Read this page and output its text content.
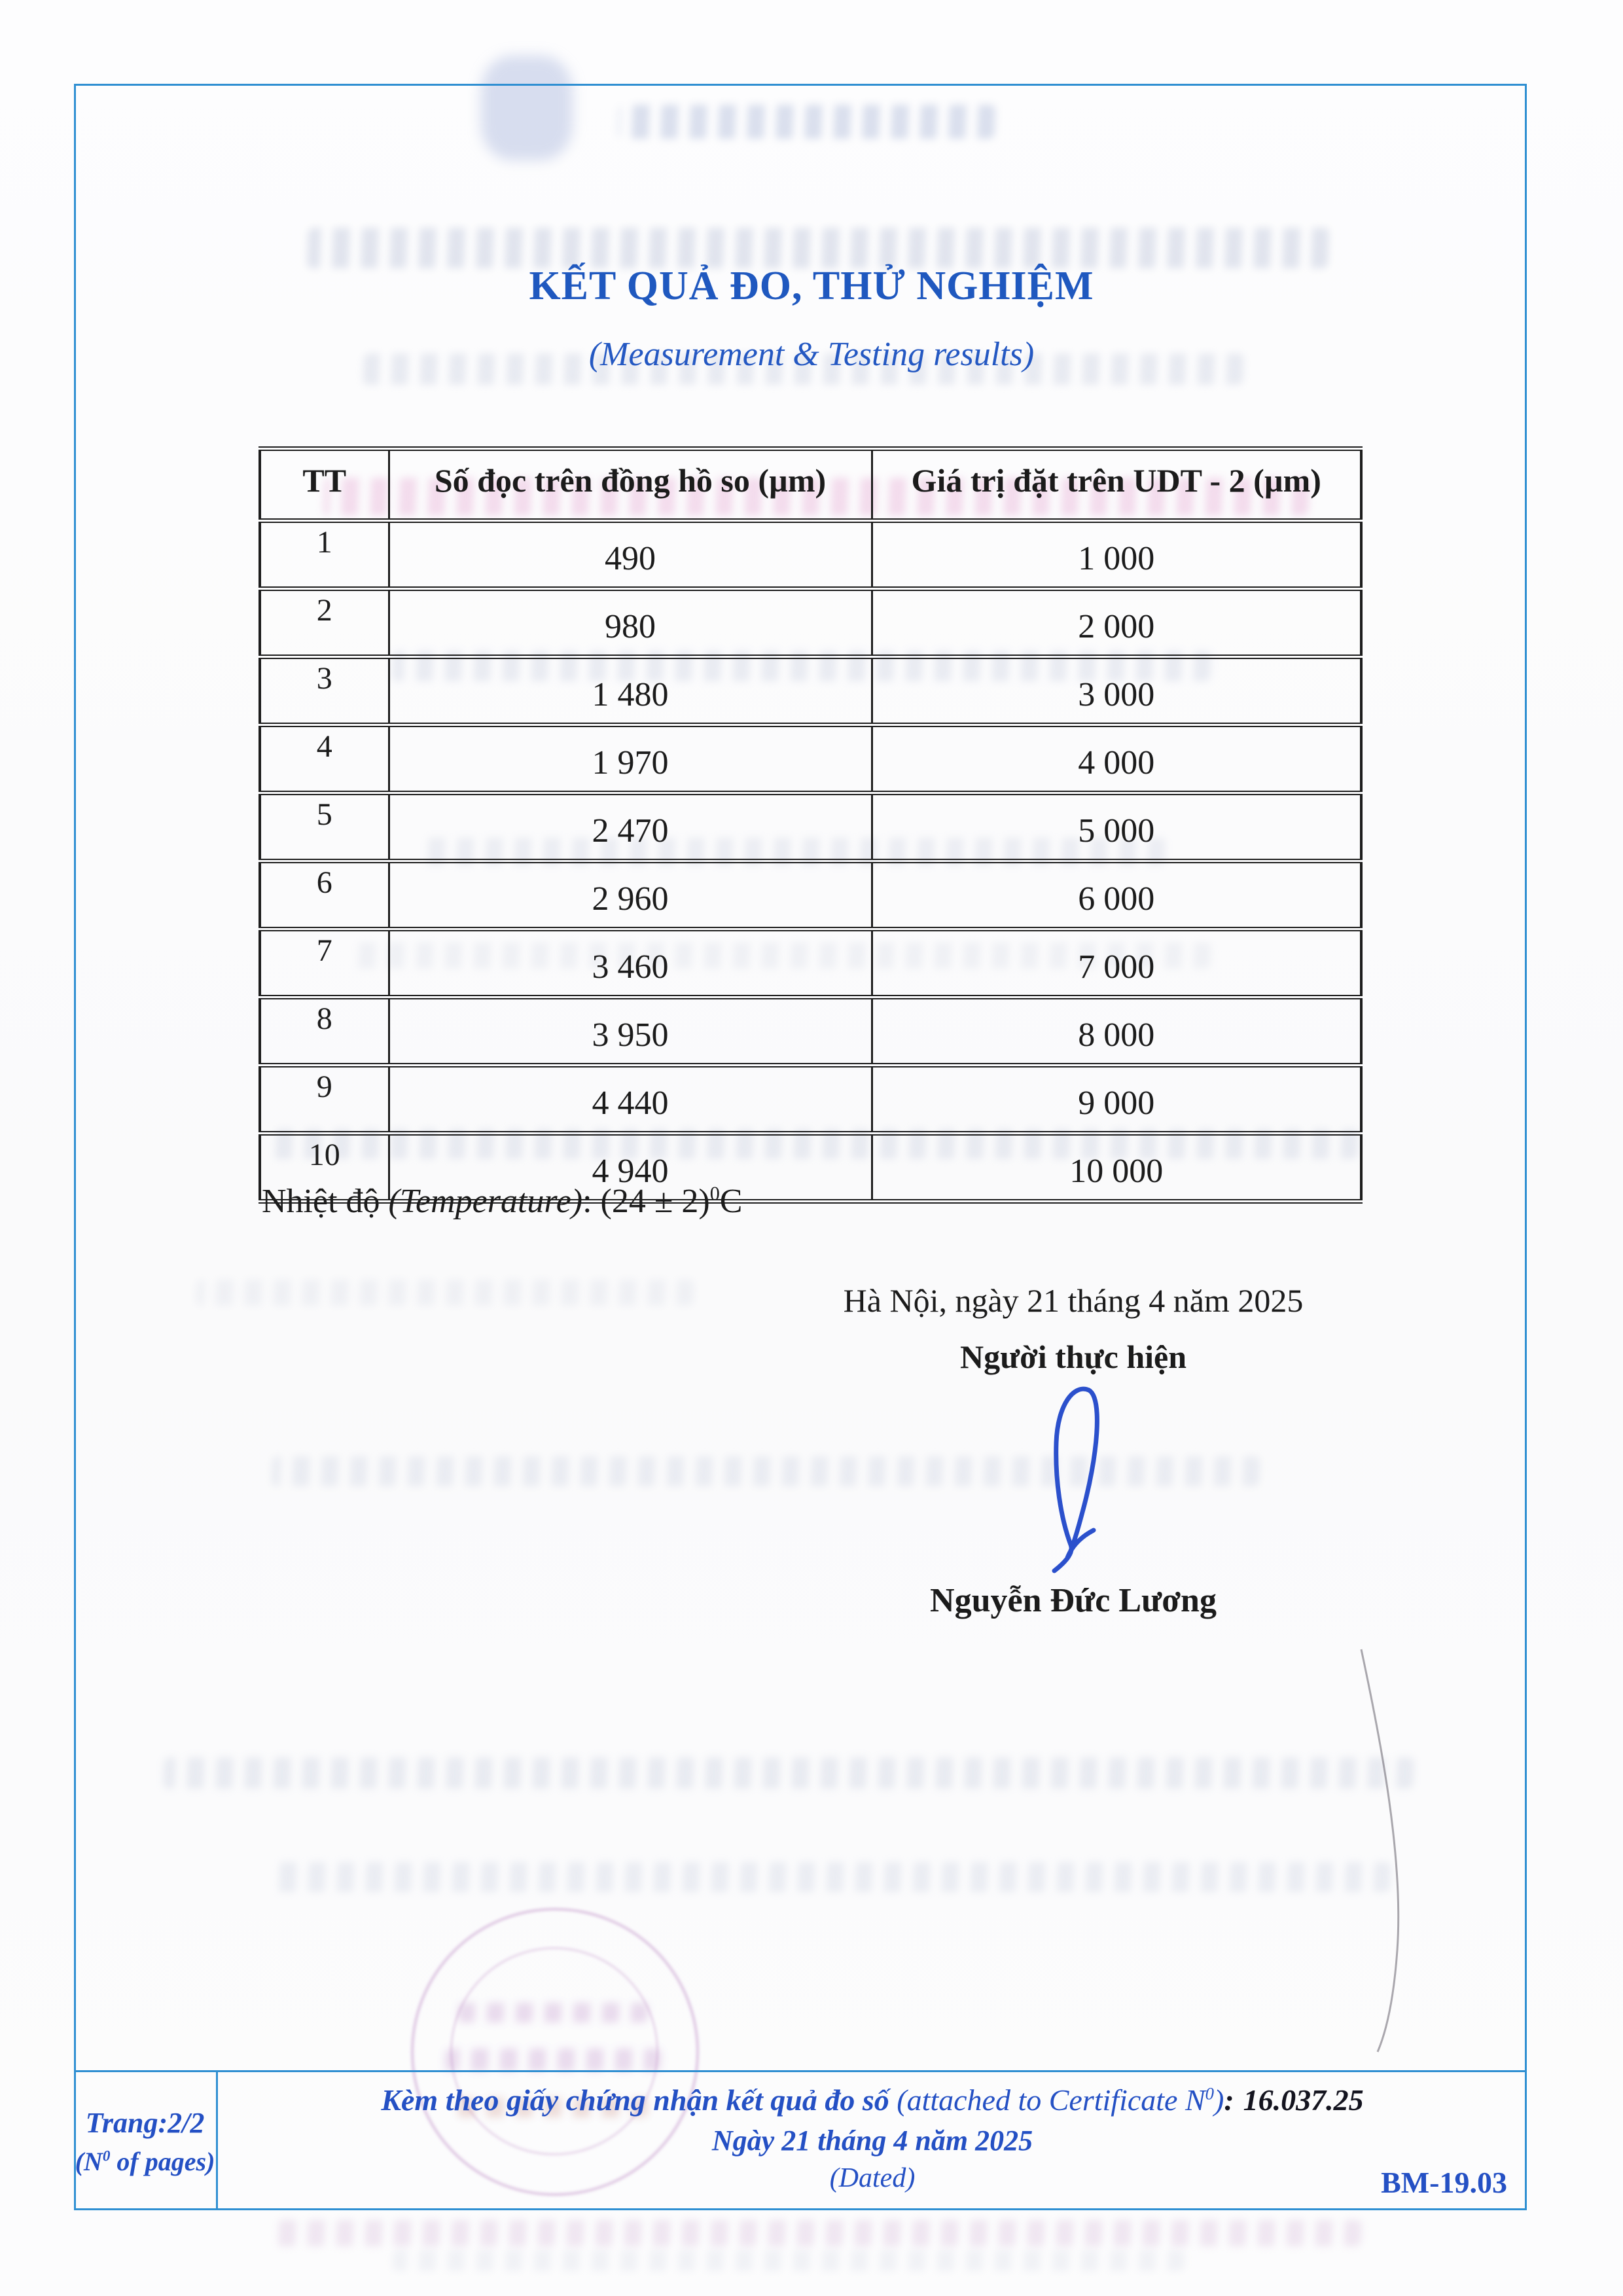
KẾT QUẢ ĐO, THỬ NGHIỆM
(Measurement & Testing results)
TT	Số đọc trên đồng hồ so (µm)	Giá trị đặt trên UDT - 2 (µm)
1	490	1 000
2	980	2 000
3	1 480	3 000
4	1 970	4 000
5	2 470	5 000
6	2 960	6 000
7	3 460	7 000
8	3 950	8 000
9	4 440	9 000
10	4 940	10 000
Nhiệt độ (Temperature): $(24 \pm 2)^0C$
Hà Nội, ngày 21 tháng 4 năm 2025
Người thực hiện
Nguyễn Đức Lương
Trang:2/2
($N^0$ of pages)
Kèm theo giấy chứng nhận kết quả đo số (attached to Certificate $N^0$): 16.037.25
Ngày 21 tháng 4 năm 2025
(Dated)	BM-19.03
